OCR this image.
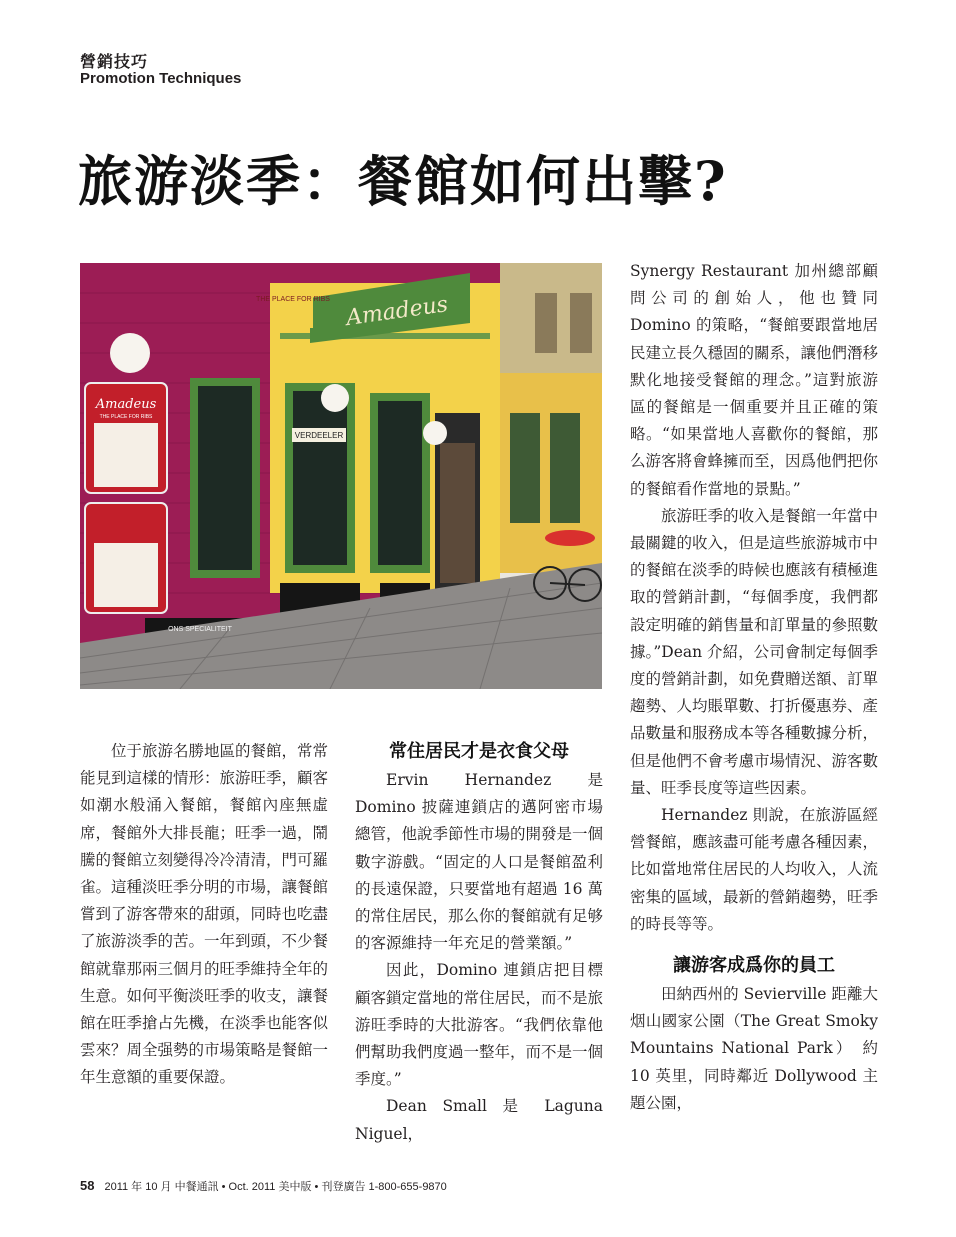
營銷技巧
Promotion Techniques
旅游淡季：餐館如何出擊?
THE PLACE FOR RIBS Amadeus
Amadeus
THE PLACE FOR RIBS
VERDEELER
ONS SPECIALITEIT

位于旅游名勝地區的餐館，常常能見到這樣的情形：旅游旺季，顧客如潮水般涌入餐館，餐館內座無虛席，餐館外大排長龍；旺季一過，鬧騰的餐館立刻變得冷冷清清，門可羅雀。這種淡旺季分明的市場，讓餐館嘗到了游客帶來的甜頭，同時也吃盡了旅游淡季的苦。一年到頭，不少餐館就靠那兩三個月的旺季維持全年的生意。如何平衡淡旺季的收支，讓餐館在旺季搶占先機，在淡季也能客似雲來？周全强勢的市場策略是餐館一年生意額的重要保證。

常住居民才是衣食父母

Ervin Hernandez 是 Domino 披薩連鎖店的邁阿密市場總管，他說季節性市場的開發是一個數字游戲。“固定的人口是餐館盈利的長遠保證，只要當地有超過 16 萬的常住居民，那么你的餐館就有足够的客源維持一年充足的營業額。”

因此，Domino 連鎖店把目標顧客鎖定當地的常住居民，而不是旅游旺季時的大批游客。“我們依靠他們幫助我們度過一整年，而不是一個季度。”

Dean Small 是 Laguna Niguel，

Synergy Restaurant 加州總部顧問公司的創始人，他也贊同 Domino 的策略，“餐館要跟當地居民建立長久穩固的關系，讓他們潛移默化地接受餐館的理念。”這對旅游區的餐館是一個重要并且正確的策略。“如果當地人喜歡你的餐館，那么游客將會蜂擁而至，因爲他們把你的餐館看作當地的景點。”

旅游旺季的收入是餐館一年當中最關鍵的收入，但是這些旅游城市中的餐館在淡季的時候也應該有積極進取的營銷計劃，“每個季度，我們都設定明確的銷售量和訂單量的參照數據。”Dean 介紹，公司會制定每個季度的營銷計劃，如免費贈送額、訂單趨勢、人均賬單數、打折優惠券、產品數量和服務成本等各種數據分析，但是他們不會考慮市場情況、游客數量、旺季長度等這些因素。

Hernandez 則說，在旅游區經營餐館，應該盡可能考慮各種因素，比如當地常住居民的人均收入，人流密集的區域，最新的營銷趨勢，旺季的時長等等。

讓游客成爲你的員工

田納西州的 Sevierville 距離大烟山國家公園（The Great Smoky Mountains National Park） 約 10 英里，同時鄰近 Dollywood 主題公園，

58 2011 年 10 月 中餐通訊 • Oct. 2011 美中版 • 刊登廣告 1-800-655-9870
